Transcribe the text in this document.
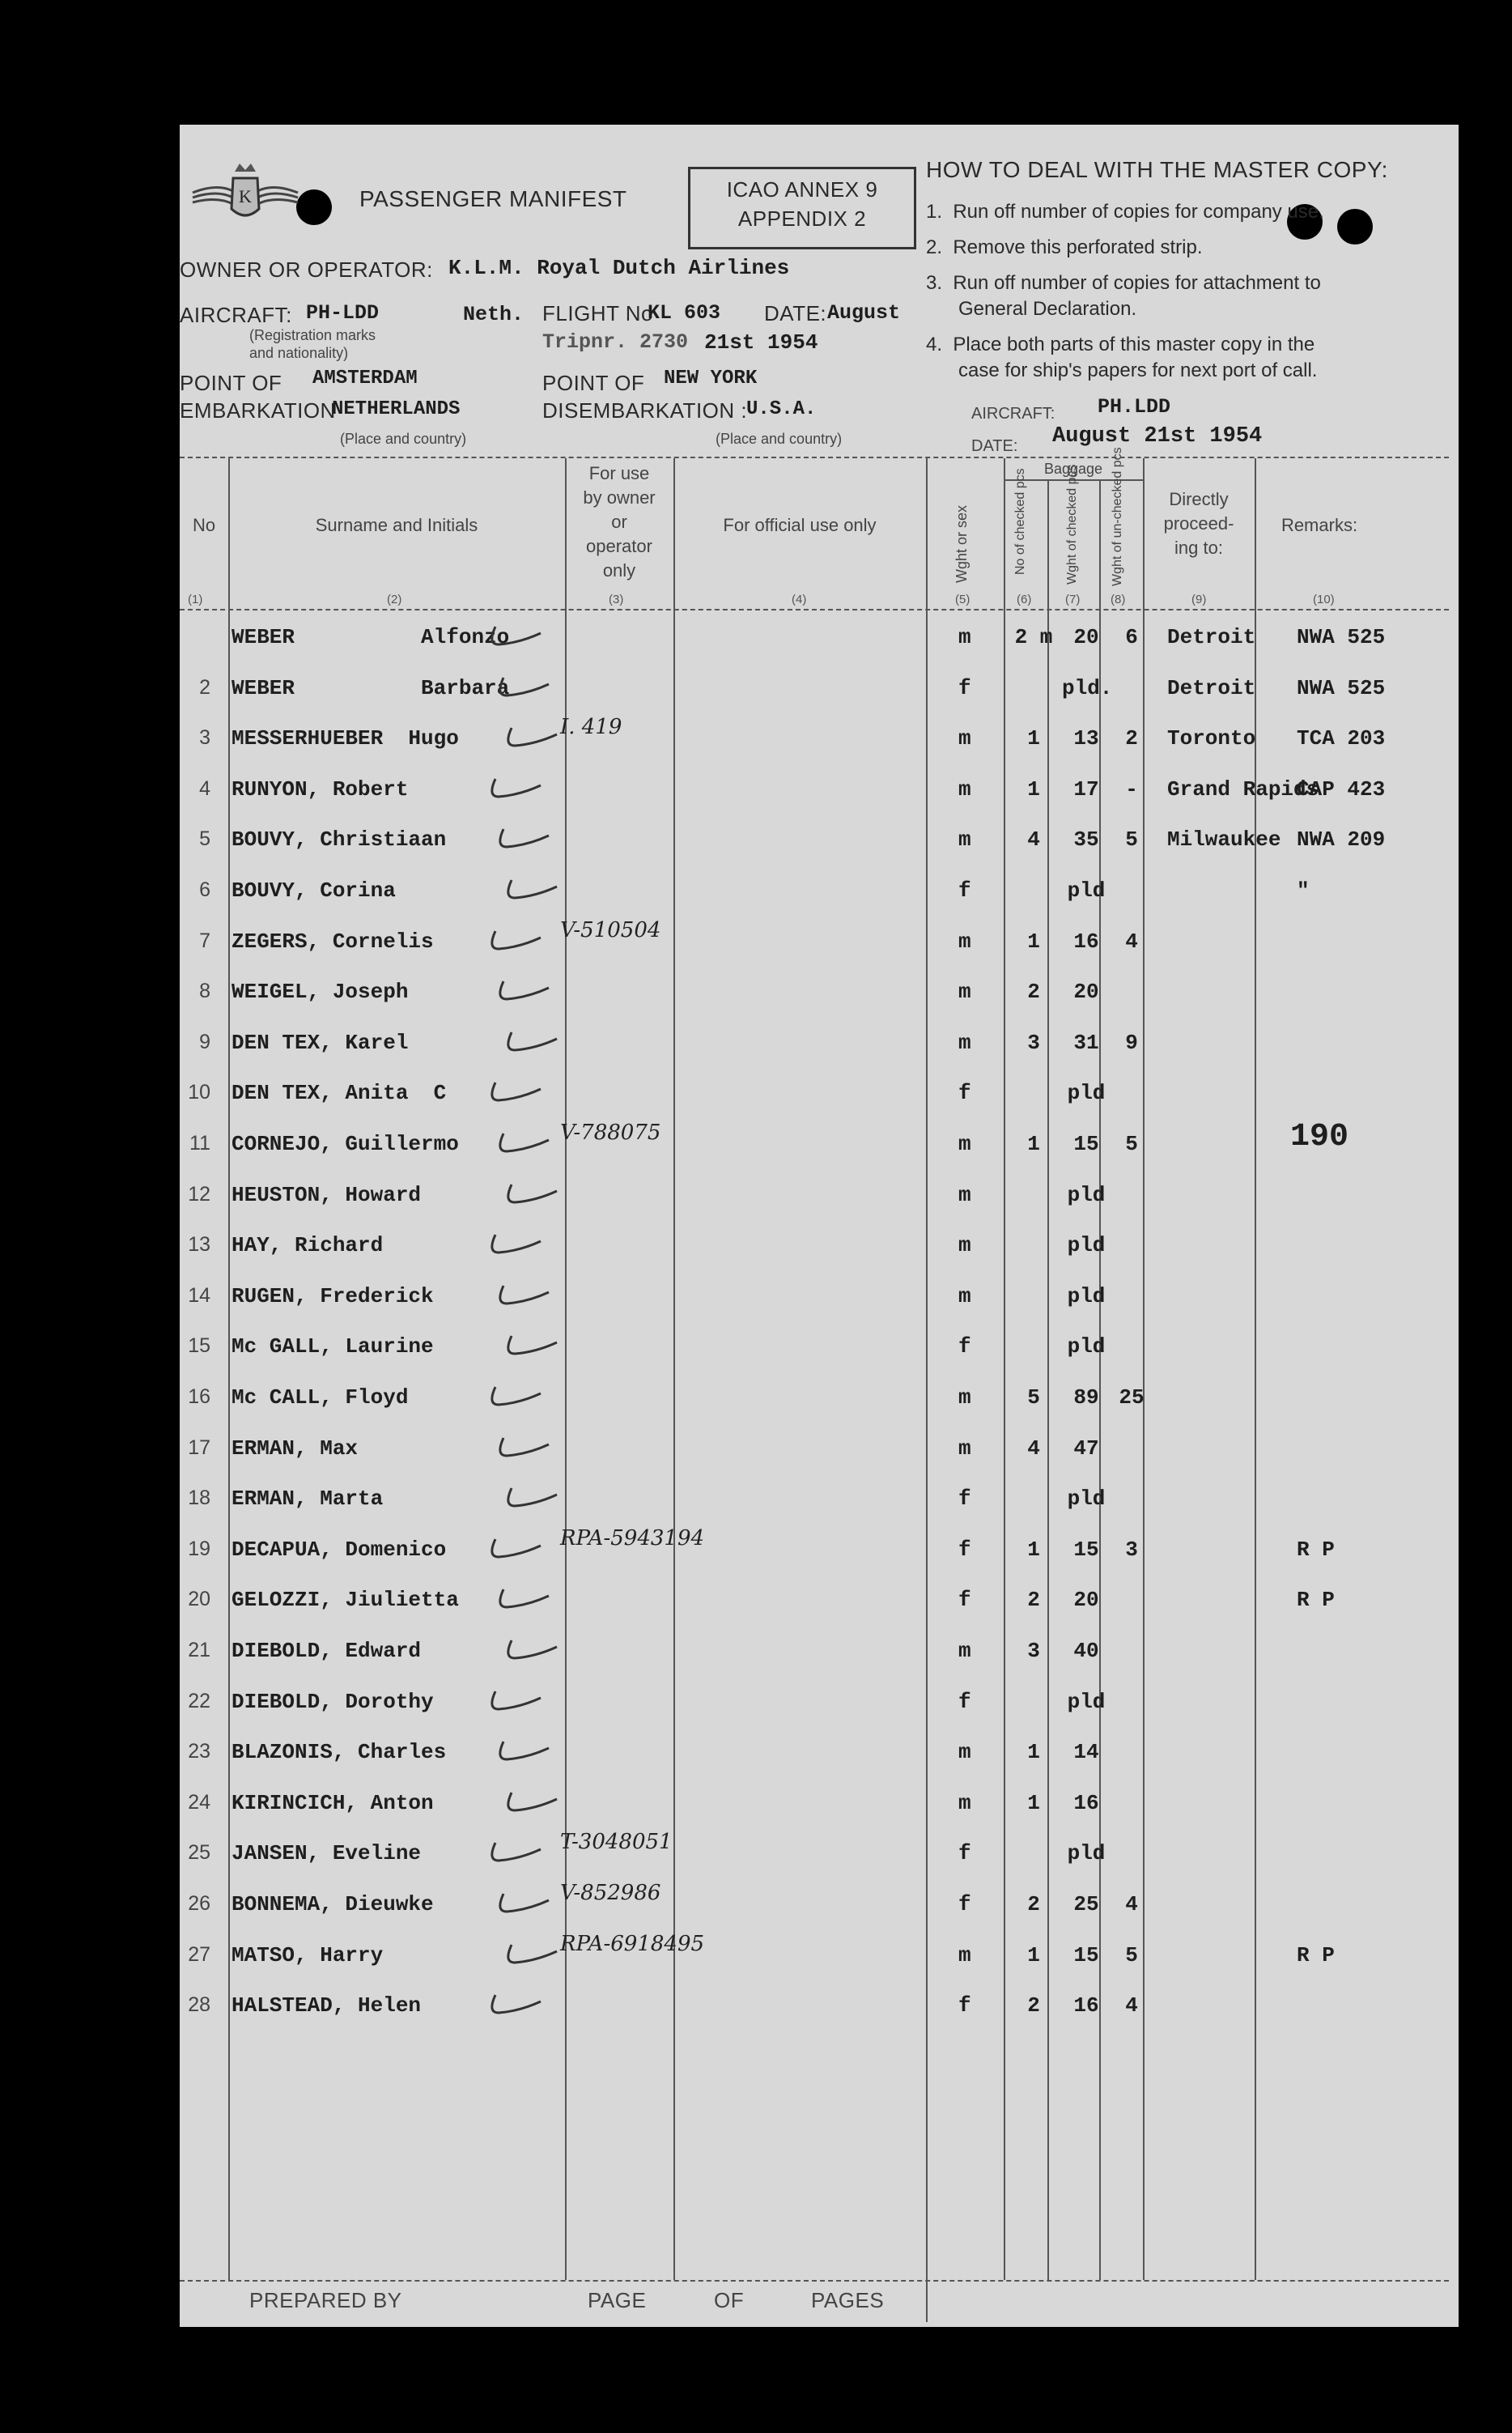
K	PASSENGER MANIFEST	ICAO ANNEX 9
APPENDIX 2
HOW TO DEAL WITH THE MASTER COPY:
1.  Run off number of copies for company use.
2.  Remove this perforated strip.
3.  Run off number of copies for attachment to
General Declaration.
4.  Place both parts of this master copy in the
case for ship's papers for next port of call.
AIRCRAFT: PH.LDD
DATE: August 21st 1954
OWNER OR OPERATOR: K.L.M. Royal Dutch Airlines
AIRCRAFT: PH-LDD	Neth.
(Registration marks
and nationality)
FLIGHT No
KL 603 DATE: August
Tripnr. 2730 21st 1954
POINT OF AMSTERDAM
EMBARKATION
NETHERLANDS
(Place and country)
POINT OF NEW YORK
DISEMBARKATION :
U.S.A.
(Place and country)
No	Surname and Initials
For use
by owner
or
operator
only
For official use only	Wght or sex
Baggage
No of checked pcs	Wght of checked pcs Wght of un-checked pcs	Directly
proceed-
ing to:
Remarks:
(1)	(2)	(3)	(4)	(5)	(6)	(7)	(8)	(9)	(10)
WEBER          Alfonzo	m 2 m 20	6	Detroit NWA 525
2 WEBER          Barbara	f	pld.	Detroit NWA 525
3 MESSERHUEBER  Hugo	m	1	13	2	Toronto TCA 203
I. 419
4 RUNYON, Robert	m	1	17	-	Grand Rapids
CAP 423
5 BOUVY, Christiaan	m	4	35	5	Milwaukee NWA 209
6 BOUVY, Corina	f	pld	"
7 ZEGERS, Cornelis	m	1	16	4
V-510504
8 WEIGEL, Joseph	m	2	20
9 DEN TEX, Karel	m	3	31	9
10 DEN TEX, Anita  C	f	pld
11 CORNEJO, Guillermo	m	1	15	5	190
V-788075
12 HEUSTON, Howard	m	pld
13 HAY, Richard	m	pld
14 RUGEN, Frederick	m	pld
15 Mc GALL, Laurine	f	pld
16 Mc CALL, Floyd	m	5	89 25
17 ERMAN, Max	m	4	47
18 ERMAN, Marta	f	pld
19 DECAPUA, Domenico	f	1	15	3	R P
RPA-5943194
20 GELOZZI, Jiulietta	f	2	20	R P
21 DIEBOLD, Edward	m	3	40
22 DIEBOLD, Dorothy	f	pld
23 BLAZONIS, Charles	m	1	14
24 KIRINCICH, Anton	m	1	16
25 JANSEN, Eveline	f	pld
T-3048051
26 BONNEMA, Dieuwke	f	2	25	4
V-852986
27 MATSO, Harry	m	1	15	5	R P
RPA-6918495
28 HALSTEAD, Helen	f	2	16	4
PREPARED BY	PAGE	OF	PAGES
